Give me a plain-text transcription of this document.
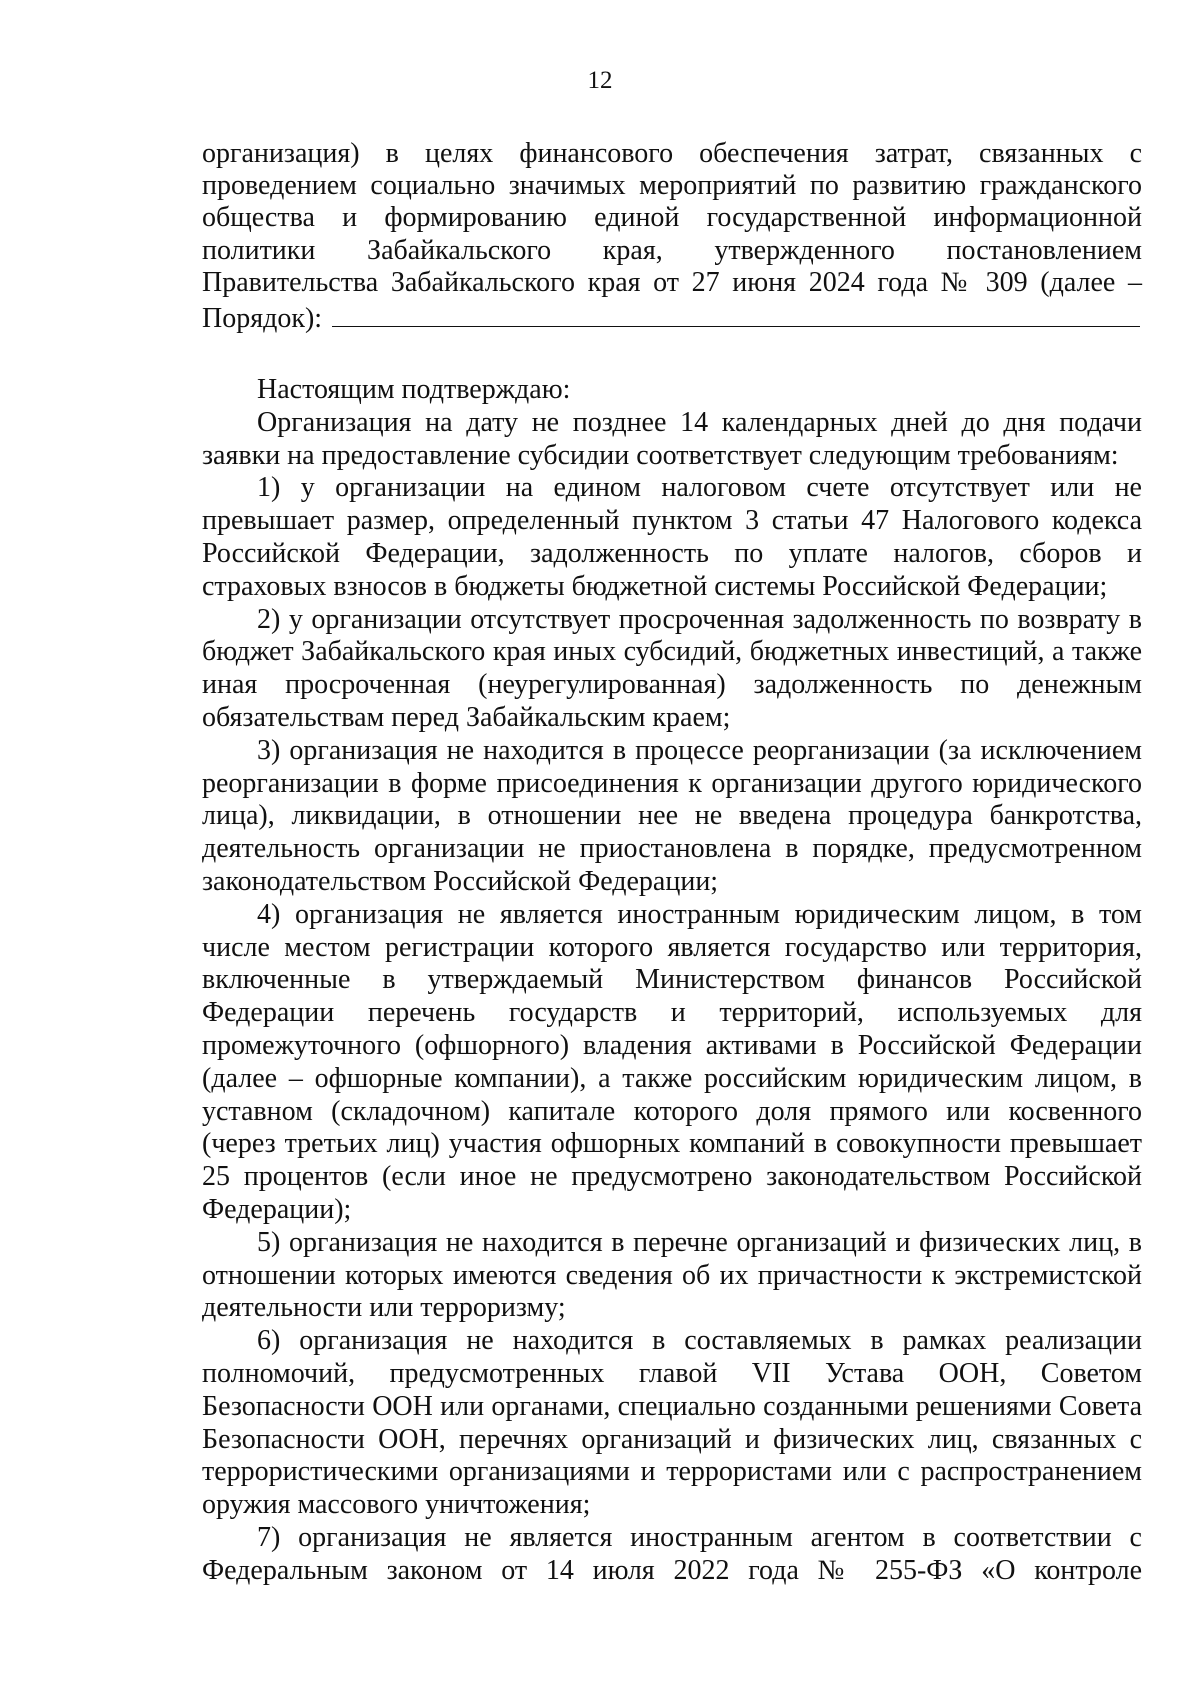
12

организация) в целях финансового обеспечения затрат, связанных с проведением социально значимых мероприятий по развитию гражданского общества и формированию единой государственной информационной политики Забайкальского края, утвержденного постановлением Правительства Забайкальского края от 27 июня 2024 года № 309 (далее – Порядок):

Настоящим подтверждаю:

Организация на дату не позднее 14 календарных дней до дня подачи заявки на предоставление субсидии соответствует следующим требованиям:

1) у организации на едином налоговом счете отсутствует или не превышает размер, определенный пунктом 3 статьи 47 Налогового кодекса Российской Федерации, задолженность по уплате налогов, сборов и страховых взносов в бюджеты бюджетной системы Российской Федерации;

2) у организации отсутствует просроченная задолженность по возврату в бюджет Забайкальского края иных субсидий, бюджетных инвестиций, а также иная просроченная (неурегулированная) задолженность по денежным обязательствам перед Забайкальским краем;

3) организация не находится в процессе реорганизации (за исключением реорганизации в форме присоединения к организации другого юридического лица), ликвидации, в отношении нее не введена процедура банкротства, деятельность организации не приостановлена в порядке, предусмотренном законодательством Российской Федерации;

4) организация не является иностранным юридическим лицом, в том числе местом регистрации которого является государство или территория, включенные в утверждаемый Министерством финансов Российской Федерации перечень государств и территорий, используемых для промежуточного (офшорного) владения активами в Российской Федерации (далее – офшорные компании), а также российским юридическим лицом, в уставном (складочном) капитале которого доля прямого или косвенного (через третьих лиц) участия офшорных компаний в совокупности превышает 25 процентов (если иное не предусмотрено законодательством Российской Федерации);

5) организация не находится в перечне организаций и физических лиц, в отношении которых имеются сведения об их причастности к экстремистской деятельности или терроризму;

6) организация не находится в составляемых в рамках реализации полномочий, предусмотренных главой VII Устава ООН, Советом Безопасности ООН или органами, специально созданными решениями Совета Безопасности ООН, перечнях организаций и физических лиц, связанных с террористическими организациями и террористами или с распространением оружия массового уничтожения;

7) организация не является иностранным агентом в соответствии с Федеральным законом от 14 июля 2022 года № 255-ФЗ «О контроле
